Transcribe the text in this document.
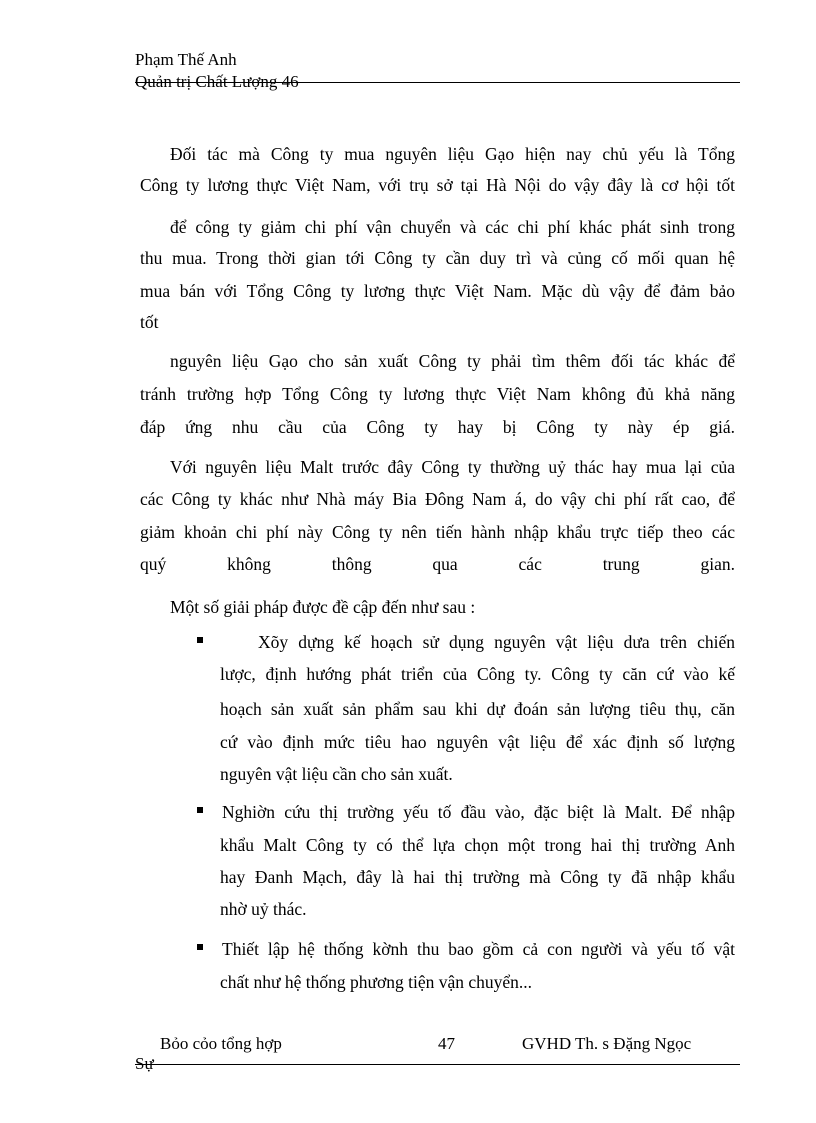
Phạm Thế Anh
Quản trị Chất Lượng 46
Đối tác mà Công ty mua nguyên liệu Gạo hiện nay chủ yếu là Tổng
Công ty lương thực Việt Nam, với trụ sở tại Hà Nội do vậy đây là cơ hội tốt
để công ty giảm chi phí vận chuyển và các chi phí khác phát sinh trong
thu mua. Trong thời gian tới Công ty cần duy trì và củng cố mối quan hệ
mua bán với Tổng Công ty lương thực Việt Nam. Mặc dù vậy để đảm bảo
tốt
nguyên liệu Gạo cho sản xuất Công ty phải tìm thêm đối tác khác để
tránh trường hợp Tổng Công ty lương thực Việt Nam không đủ khả năng
đáp ứng nhu cầu của Công ty hay bị Công ty này ép giá.
Với nguyên liệu Malt trước đây Công ty thường uỷ thác hay mua lại của
các Công ty khác như Nhà máy Bia Đông Nam á, do vậy chi phí rất cao, để
giảm khoản chi phí này Công ty nên tiến hành nhập khẩu trực tiếp theo các
quý không thông qua các trung gian.
Một số giải pháp được đề cập đến như sau :
Xõy dựng kế hoạch sử dụng nguyên vật liệu dưa trên chiến
lược, định hướng phát triển của Công ty. Công ty căn cứ vào kế
hoạch sản xuất sản phẩm sau khi dự đoán sản lượng tiêu thụ, căn
cứ vào định mức tiêu hao nguyên vật liệu để xác định số lượng
nguyên vật liệu cần cho sản xuất.
Nghiờn cứu thị trường yếu tố đầu vào, đặc biệt là Malt. Để nhập
khẩu Malt Công ty có thể lựa chọn một trong hai thị trường Anh
hay Đanh Mạch, đây là hai thị trường mà Công ty đã nhập khẩu
nhờ uỷ thác.
Thiết lập hệ thống kờnh thu bao gồm cả con người và yếu tố vật
chất như hệ thống phương tiện vận chuyển...
Bỏo cỏo tổng hợp	47	GVHD Th. s Đặng Ngọc
Sự
